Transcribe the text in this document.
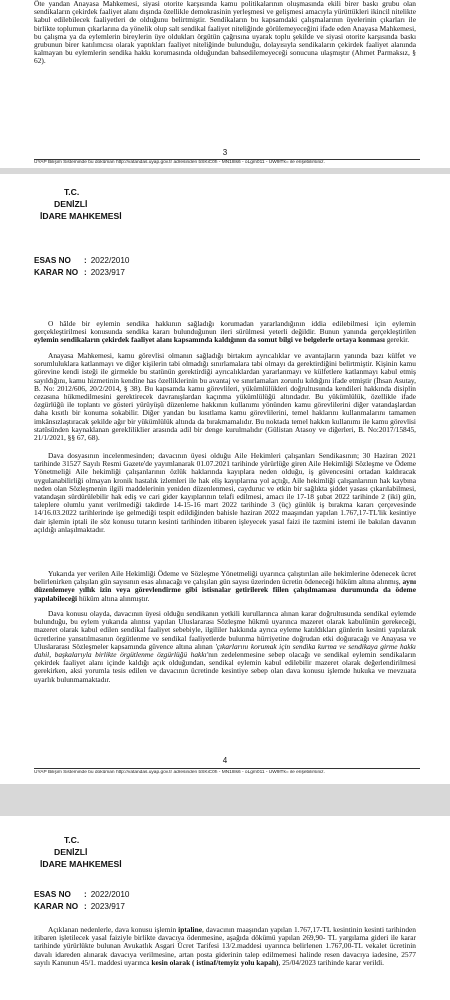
Öte yandan Anayasa Mahkemesi, siyasi otorite karşısında kamu politikalarının oluşmasında ekili birer baskı grubu olan sendikaların çekirdek faaliyet alanı dışında özellikle demokrasinin yerleşmesi ve gelişmesi amacıyla yürüttükleri ikincil nitelikte kabul edilebilecek faaliyetleri de olduğunu belirtmiştir. Sendikaların bu kapsamdaki çalışmalarının üyelerinin çıkarları ile birlikte toplumun çıkarlarına da yönelik olup salt sendikal faaliyet niteliğinde görülemeyeceğini ifade eden Anayasa Mahkemesi, bu çalışma ya da eylemlerin bireylerin üye oldukları örgütün çağrısına uyarak toplu şekilde ve siyasi otorite karşısında baskı grubunun birer katılımcısı olarak yaptıkları faaliyet niteliğinde bulunduğu, dolayısıyla sendikaların çekirdek faaliyet alanında kalmayan bu eylemlerin sendika hakkı korumasında olduğundan bahsedilemeyeceği sonucuna ulaşmıştır (Ahmet Parmaksız, § 62).

3
UYAP Bilişim Sisteminde bu doküman http://vatandas.uyap.gov.tr adresinden bSKiC0h - MN18ls6 - oLgm011 - UW9lTk= ile erişebilirsiniz.
T.C.
DENİZLİ
İDARE MAHKEMESİ
ESAS NO : 2022/2010
KARAR NO : 2023/917

O hâlde bir eylemin sendika hakkının sağladığı korumadan yararlandığının iddia edilebilmesi için eylemin gerçekleştirilmesi konusunda sendika kararı bulunduğunun ileri sürülmesi yeterli değildir. Bunun yanında gerçekleştirilen eylemin sendikaların çekirdek faaliyet alanı kapsamında kaldığının da somut bilgi ve belgelerle ortaya konması gerekir.

Anayasa Mahkemesi, kamu görevlisi olmanın sağladığı birtakım ayrıcalıklar ve avantajların yanında bazı külfet ve sorumluluklara katlanmayı ve diğer kişilerin tabi olmadığı sınırlamalara tabi olmayı da gerektirdiğini belirtmiştir. Kişinin kamu görevine kendi isteği ile girmekle bu statünün gerektirdiği ayrıcalıklardan yararlanmayı ve külfetlere katlanmayı kabul etmiş sayıldığını, kamu hizmetinin kendine has özelliklerinin bu avantaj ve sınırlamaları zorunlu kıldığını ifade etmiştir (İhsan Asutay, B. No: 2012/606, 20/2/2014, § 38). Bu kapsamda kamu görevlileri, yükümlülükleri doğrultusunda kendileri hakkında disiplin cezasına hükmedilmesini gerektirecek davranışlardan kaçınma yükümlülüğü altındadır. Bu yükümlülük, özellikle ifade özgürlüğü ile toplantı ve gösteri yürüyüşü düzenleme hakkının kullanımı yönünden kamu görevlilerini diğer vatandaşlardan daha kısıtlı bir konuma sokabilir. Diğer yandan bu kısıtlama kamu görevlilerini, temel haklarını kullanmalarını tamamen imkânsızlaştıracak şekilde ağır bir yükümlülük altında da bırakmamalıdır. Bu noktada temel hakkın kullanımı ile kamu görevlisi statüsünden kaynaklanan gerekliliklier arasında adil bir denge kurulmalıdır (Gülistan Atasoy ve diğerleri, B. No:2017/15845, 21/1/2021, §§ 67, 68).

Dava dosyasının incelenmesinden; davacının üyesi olduğu Aile Hekimleri çalışanları Sendikasının; 30 Haziran 2021 tarihinde 31527 Sayılı Resmi Gazete'de yayımlanarak 01.07.2021 tarihinde yürürlüğe giren Aile Hekimliği Sözleşme ve Ödeme Yönetmeliği Aile hekimliği çalışanlarının özlük haklarında kayıplara neden olduğu, iş güvencesini ortadan kaldıracak uygulanabilirliği olmayan kronik hastalık izlemleri ile hak eliş kayıplarına yol açtığı, Aile hekimliği çalışanlarının hak kaybına neden olan Sözleşmenin ilgili maddelerinin yeniden düzenlenmesi, cayduruc ve etkin bir sağlıkta şiddet yasası çıkarılabilmesi, vatandaşın sürdürülebilir hak ediş ve cari gider kayıplarının telafi edilmesi, amacı ile 17-18 şubat 2022 tarihinde 2 (iki) gün, taleplere olumlu yanıt verilmediği takdirde 14-15-16 mart 2022 tarihinde 3 (üç) günlük iş bırakma kararı çerçevesinde 14/16.03.2022 tarihlerinde işe gelmediği tespit edildiğinden bahisle haziran 2022 maaşından yapılan 1.767,17-TL'lik kesintiye dair işlemin iptali ile söz konusu tutarın kesinti tarihinden itibaren işleyecek yasal faizi ile tazmini istemi ile bakılan davanın açıldığı anlaşılmaktadır.

Yukarıda yer verilen Aile Hekimliği Ödeme ve Sözleşme Yönetmeliği uyarınca çalıştırılan aile hekimlerine ödenecek ücret belirlenirken çalışılan gün sayısının esas alınacağı ve çalışılan gün sayısı üzerinden ücretin ödeneceği hüküm altına alınmış, aynı düzenlemeye yıllık izin veya görevlendirme gibi istisnalar getirilerek fiilen çalışılmaması durumunda da ödeme yapılabileceği hüküm altına alınmıştır.

Dava konusu olayda, davacının üyesi olduğu sendikanın yetkili kurullarınca alınan karar doğrultusunda sendikal eylemde bulunduğu, bu eylem yukarıda alıntısı yapılan Uluslararası Sözleşme hükmü uyarınca mazeret olarak kabulünün gerekeceği, mazeret olarak kabul edilen sendikal faaliyet sebebiyle, ilgililer hakkında ayrıca eyleme katıldıkları günlerin kesinti yapılarak ücretlerine yansıtılmasının örgütlenme ve sendikal faaliyetlerde bulunma hürriyetine doğrudan etki doğuracağı ve Anayasa ve Uluslararası Sözleşmeler kapsamında güvence altına alınan 'çıkarlarını korumak için sendika kurma ve sendikaya girme hakkı dahil, başkalarıyla birlikte örgütlenme özgürlüğü hakkı'nın zedelenmesine sebep olacağı ve sendikal eylemin sendikaların çekirdek faaliyet alanı içinde kaldığı açık olduğundan, sendikal eylemin kabul edilebilir mazeret olarak değerlendirilmesi gerekirken, aksi yorumla tesis edilen ve davacının ücretinde kesintiye sebep olan dava konusu işlemde hukuka ve mevzuata uyarlık bulunmamaktadır.

4
UYAP Bilişim Sisteminde bu doküman http://vatandas.uyap.gov.tr adresinden bSKiC0h - MN18ls6 - oLgm011 - UW9lTk= ile erişebilirsiniz.
T.C.
DENİZLİ
İDARE MAHKEMESİ
ESAS NO : 2022/2010
KARAR NO : 2023/917

Açıklanan nedenlerle, dava konusu işlemin iptaline, davacının maaşından yapılan 1.767,17-TL kesintinin kesinti tarihinden itibaren işletilecek yasal faiziyle birlikte davacıya ödenmesine, aşağıda dökümü yapılan 269,90- TL yargılama gideri ile karar tarihinde yürürlükte bulunan Avukatlık Asgari Ücret Tarifesi 13/2.maddesi uyarınca belirlenen 1.767,00-TL vekalet ücretinin davalı idareden alınarak davacıya verilmesine, artan posta giderinin talep edilmemesi halinde resen davacıya iadesine, 2577 sayılı Kanunun 45/1. maddesi uyarınca kesin olarak ( istinaf/temyiz yolu kapalı), 25/04/2023 tarihinde karar verildi.
